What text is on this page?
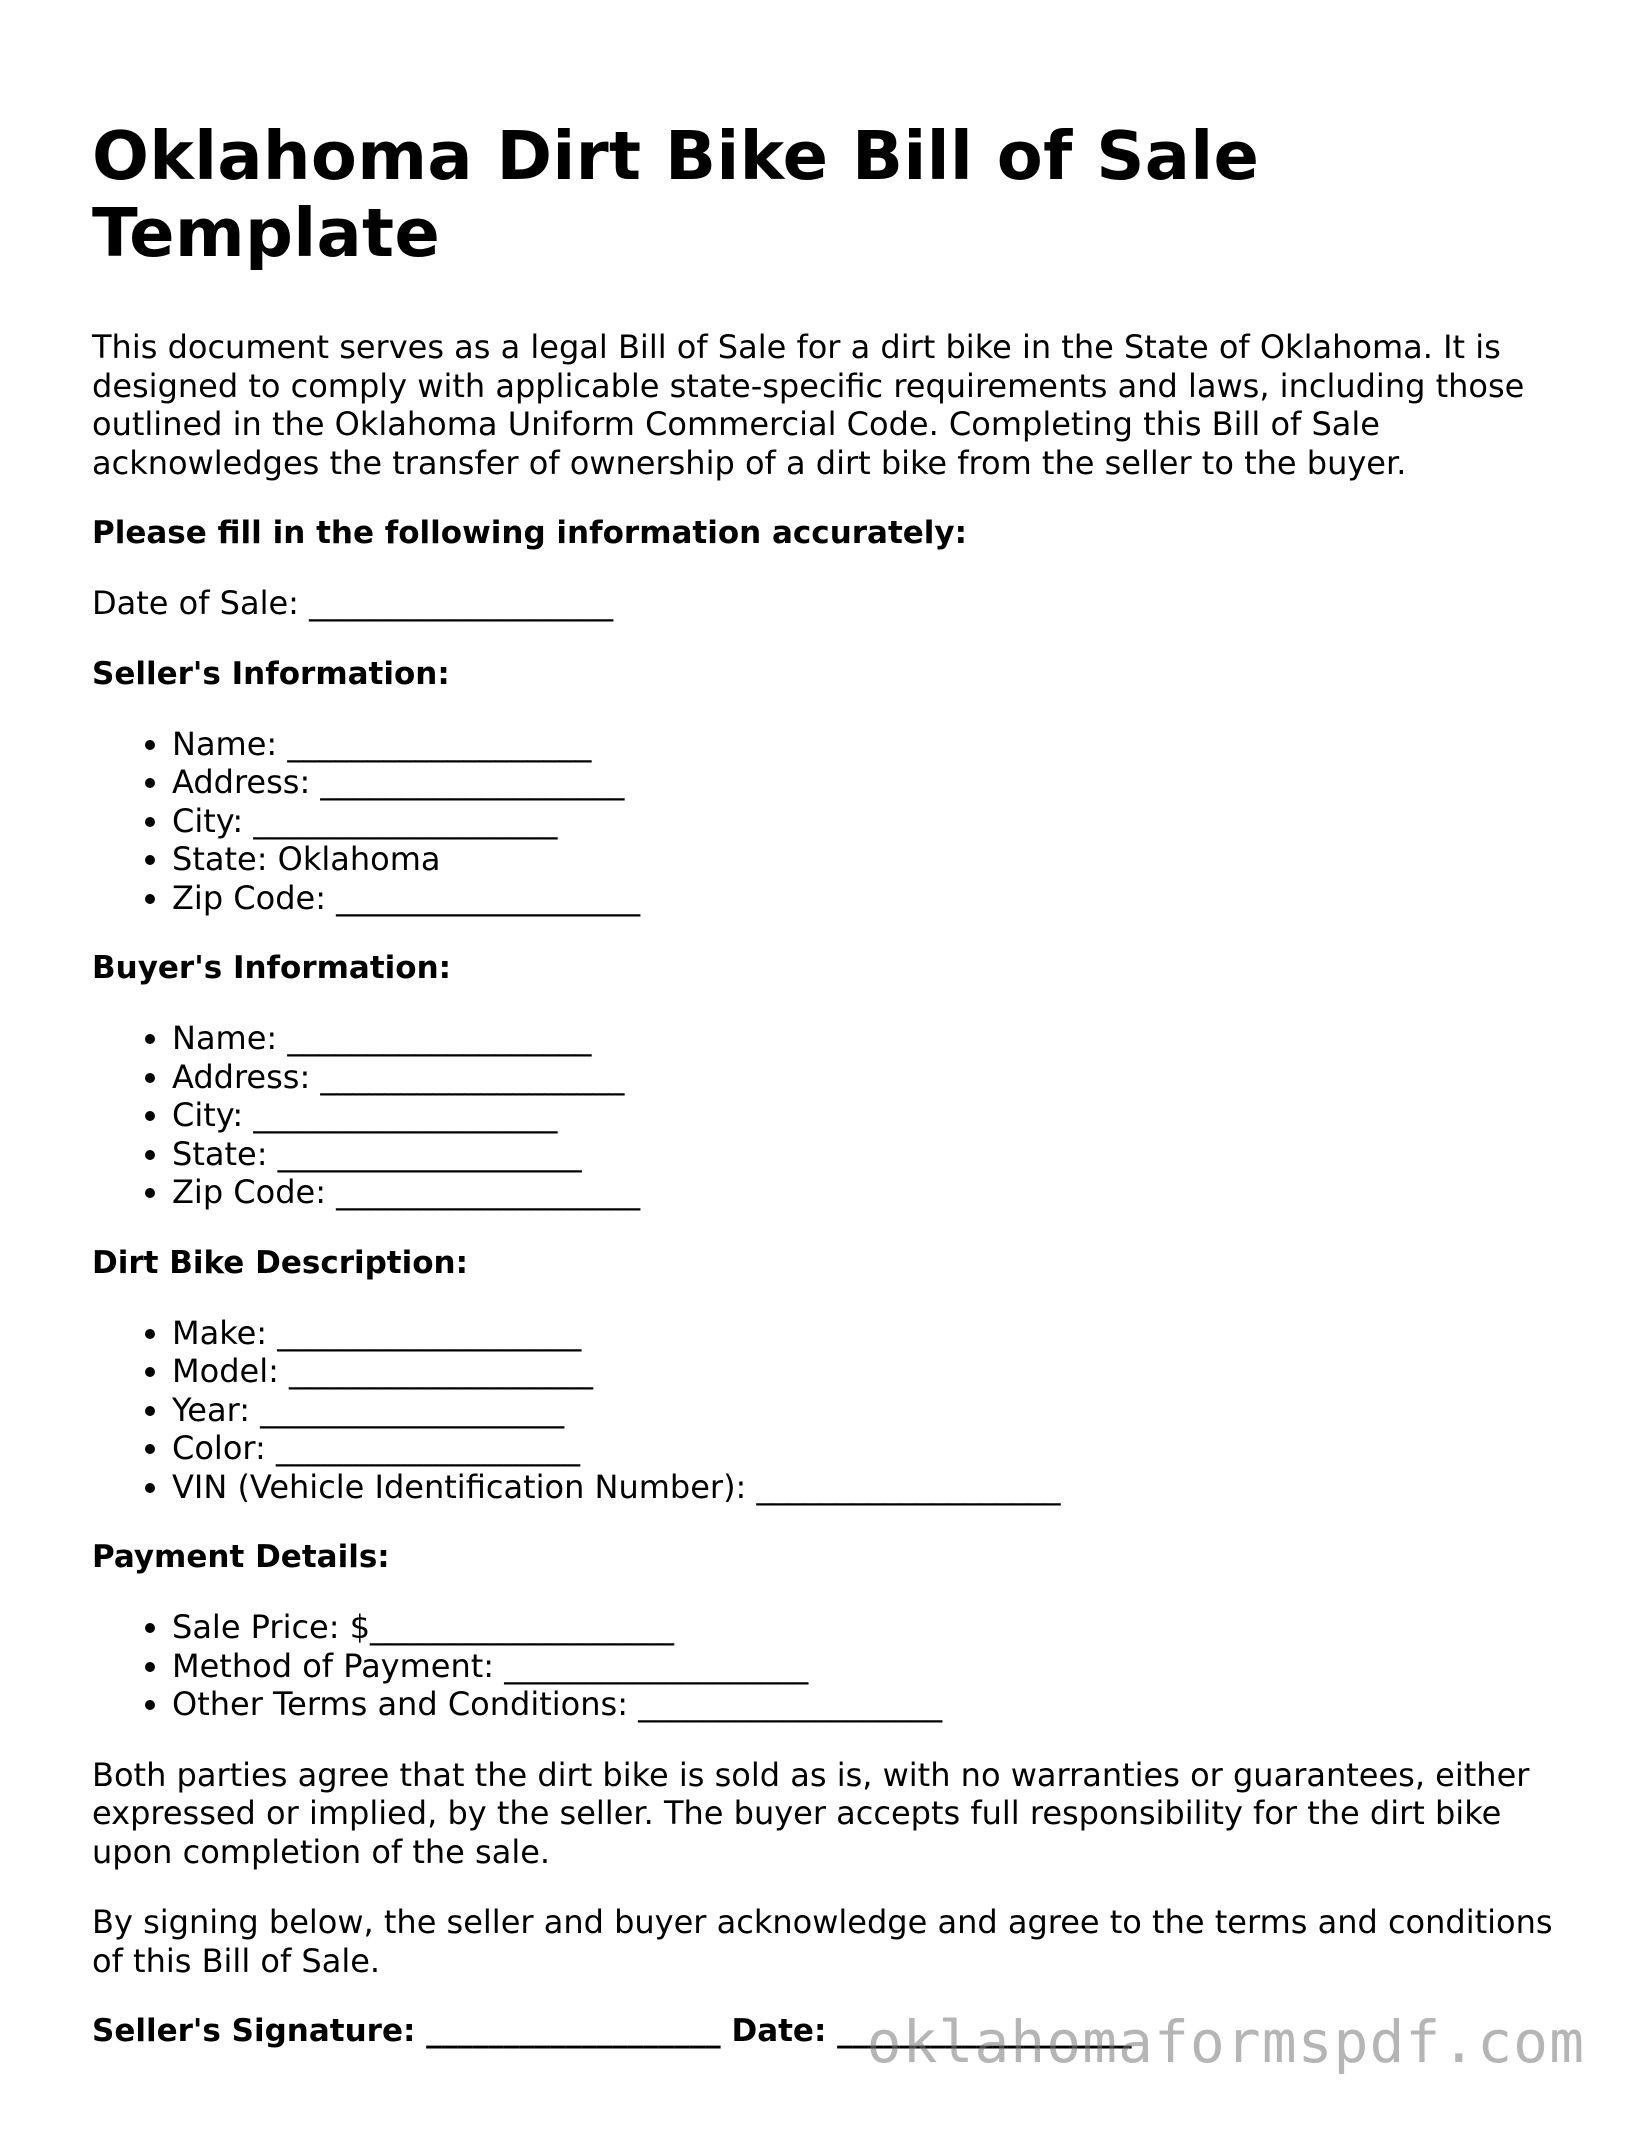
Oklahoma Dirt Bike Bill of Sale Template

This document serves as a legal Bill of Sale for a dirt bike in the State of Oklahoma. It is designed to comply with applicable state-specific requirements and laws, including those outlined in the Oklahoma Uniform Commercial Code. Completing this Bill of Sale acknowledges the transfer of ownership of a dirt bike from the seller to the buyer.

Please fill in the following information accurately:

Date of Sale: ___________________

Seller's Information:

• Name: ___________________
• Address: ___________________
• City: ___________________
• State: Oklahoma
• Zip Code: ___________________

Buyer's Information:

• Name: ___________________
• Address: ___________________
• City: ___________________
• State: ___________________
• Zip Code: ___________________

Dirt Bike Description:

• Make: ___________________
• Model: ___________________
• Year: ___________________
• Color: ___________________
• VIN (Vehicle Identification Number): ___________________

Payment Details:

• Sale Price: $___________________
• Method of Payment: ___________________
• Other Terms and Conditions: ___________________

Both parties agree that the dirt bike is sold as is, with no warranties or guarantees, either expressed or implied, by the seller. The buyer accepts full responsibility for the dirt bike upon completion of the sale.

By signing below, the seller and buyer acknowledge and agree to the terms and conditions of this Bill of Sale.

Seller's Signature: ___________________ Date: ___________________

oklahomaformspdf.com
